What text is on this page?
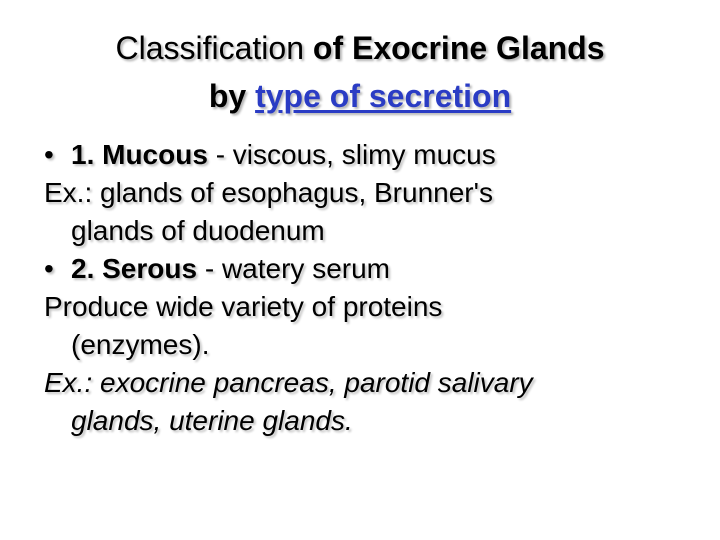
Classification of Exocrine Glands
by type of secretion
• 1. Mucous - viscous, slimy mucus
Ex.: glands of esophagus, Brunner's
glands of duodenum
• 2. Serous - watery serum
Produce wide variety of proteins
(enzymes).
Ex.: exocrine pancreas, parotid salivary
glands, uterine glands.
